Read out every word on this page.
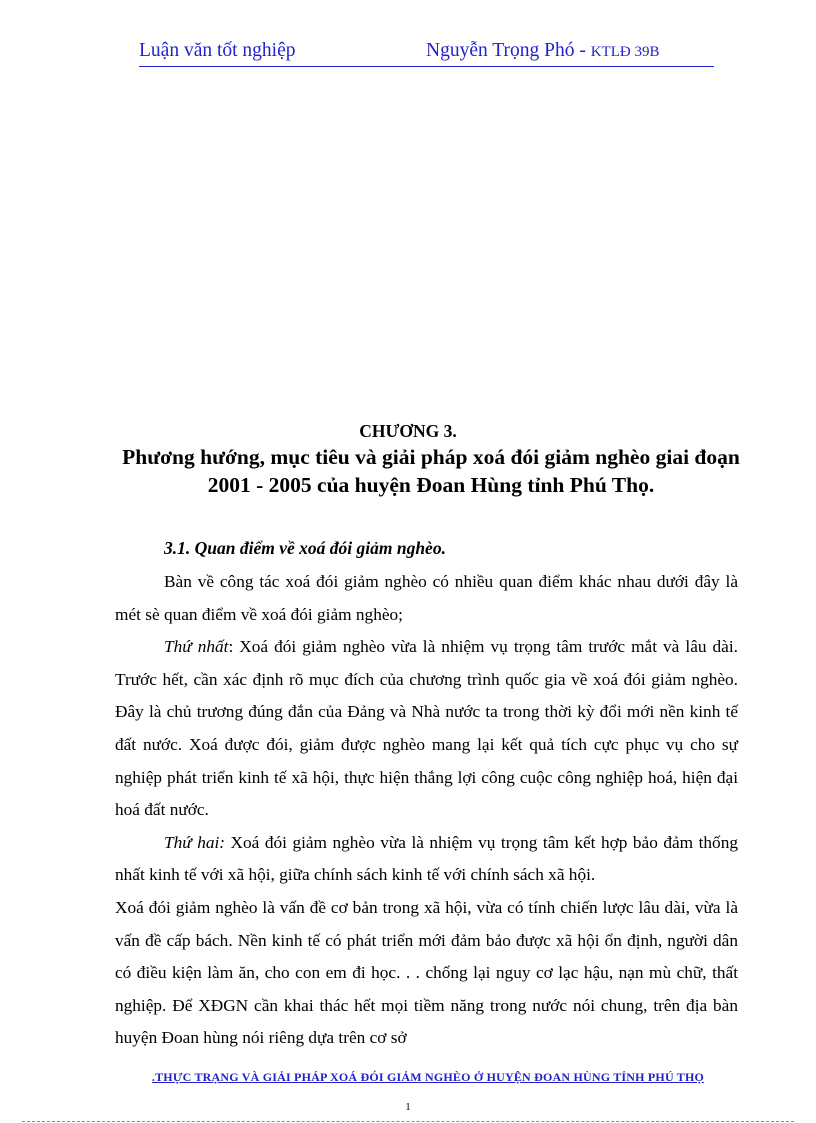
Luận văn tốt nghiệp	Nguyễn Trọng Phó - KTLĐ 39B
CHƯƠNG 3.
Phương hướng, mục tiêu và giải pháp xoá đói giảm nghèo giai đoạn 2001 - 2005 của huyện Đoan Hùng tỉnh Phú Thọ.
3.1. Quan điểm về xoá đói giảm nghèo.

Bàn về công tác xoá đói giảm nghèo có nhiều quan điểm khác nhau dưới đây là mét sè quan điểm về xoá đói giảm nghèo;

Thứ nhất: Xoá đói giảm nghèo vừa là nhiệm vụ trọng tâm trước mắt và lâu dài. Trước hết, cần xác định rõ mục đích của chương trình quốc gia về xoá đói giảm nghèo. Đây là chủ trương đúng đắn của Đảng và Nhà nước ta trong thời kỳ đổi mới nền kinh tế đất nước. Xoá được đói, giảm được nghèo mang lại kết quả tích cực phục vụ cho sự nghiệp phát triển kinh tế xã hội, thực hiện thắng lợi công cuộc công nghiệp hoá, hiện đại hoá đất nước.

Thứ hai: Xoá đói giảm nghèo vừa là nhiệm vụ trọng tâm kết hợp bảo đảm thống nhất kinh tế với xã hội, giữa chính sách kinh tế với chính sách xã hội.

Xoá đói giảm nghèo là vấn đề cơ bản trong xã hội, vừa có tính chiến lược lâu dài, vừa là vấn đề cấp bách. Nền kinh tế có phát triển mới đảm bảo được xã hội ổn định, người dân có điều kiện làm ăn, cho con em đi học. . . chống lại nguy cơ lạc hậu, nạn mù chữ, thất nghiệp. Để XĐGN cần khai thác hết mọi tiềm năng trong nước nói chung, trên địa bàn huyện Đoan hùng nói riêng dựa trên cơ sở

.THỰC TRẠNG VÀ GIẢI PHÁP XOÁ ĐÓI GIẢM NGHÈO Ở HUYỆN ĐOAN HÙNG TỈNH PHÚ THỌ
1
